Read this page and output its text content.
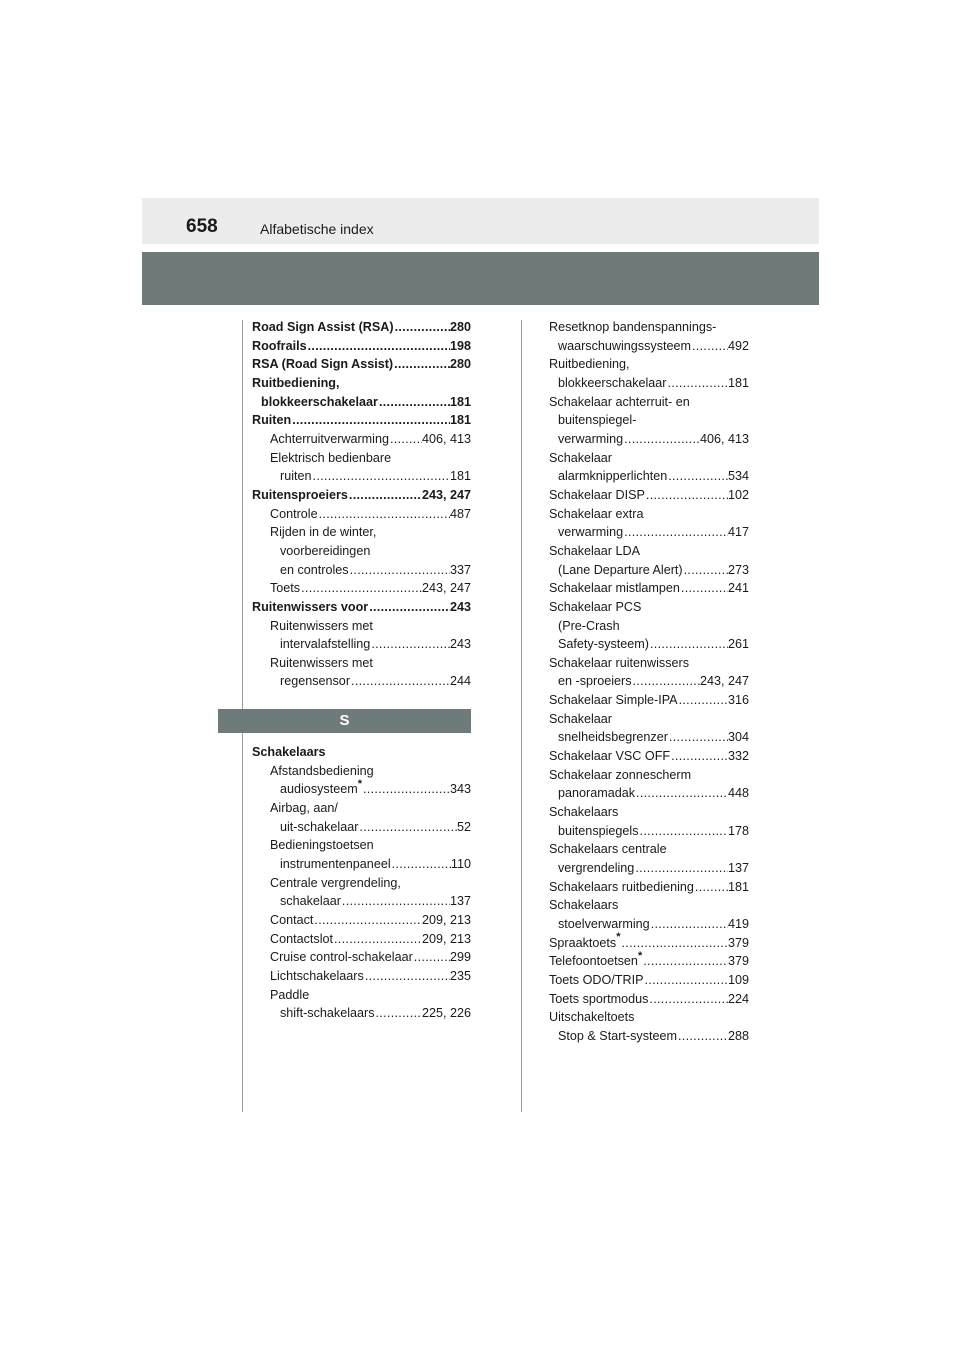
658	Alfabetische index
Road Sign Assist (RSA) .....	280
Roofrails .....	198
RSA (Road Sign Assist) .....	280
Ruitbediening,
blokkeerschakelaar .....	181
Ruiten .....	181
Achterruitverwarming .....	406, 413
Elektrisch bedienbare
ruiten .....	181
Ruitensproeiers .....	243, 247
Controle .....	487
Rijden in de winter,
voorbereidingen
en controles .....	337
Toets .....	243, 247
Ruitenwissers voor .....	243
Ruitenwissers met
intervalafstelling .....	243
Ruitenwissers met
regensensor .....	244
S
Schakelaars
Afstandsbediening
audiosysteem* .....	343
Airbag, aan/
uit-schakelaar .....	52
Bedieningstoetsen
instrumentenpaneel .....	110
Centrale vergrendeling,
schakelaar .....	137
Contact .....	209, 213
Contactslot .....	209, 213
Cruise control-schakelaar .....	299
Lichtschakelaars .....	235
Paddle
shift-schakelaars .....	225, 226
Resetknop bandenspannings-
waarschuwingssysteem .....	492
Ruitbediening,
blokkeerschakelaar .....	181
Schakelaar achterruit- en
buitenspiegel-
verwarming .....	406, 413
Schakelaar
alarmknipperlichten .....	534
Schakelaar DISP .....	102
Schakelaar extra
verwarming .....	417
Schakelaar LDA
(Lane Departure Alert) .....	273
Schakelaar mistlampen .....	241
Schakelaar PCS
(Pre-Crash
Safety-systeem) .....	261
Schakelaar ruitenwissers
en -sproeiers .....	243, 247
Schakelaar Simple-IPA .....	316
Schakelaar
snelheidsbegrenzer .....	304
Schakelaar VSC OFF .....	332
Schakelaar zonnescherm
panoramadak .....	448
Schakelaars
buitenspiegels .....	178
Schakelaars centrale
vergrendeling .....	137
Schakelaars ruitbediening .....	181
Schakelaars
stoelverwarming .....	419
Spraaktoets* .....	379
Telefoontoetsen* .....	379
Toets ODO/TRIP .....	109
Toets sportmodus .....	224
Uitschakeltoets
Stop & Start-systeem .....	288
